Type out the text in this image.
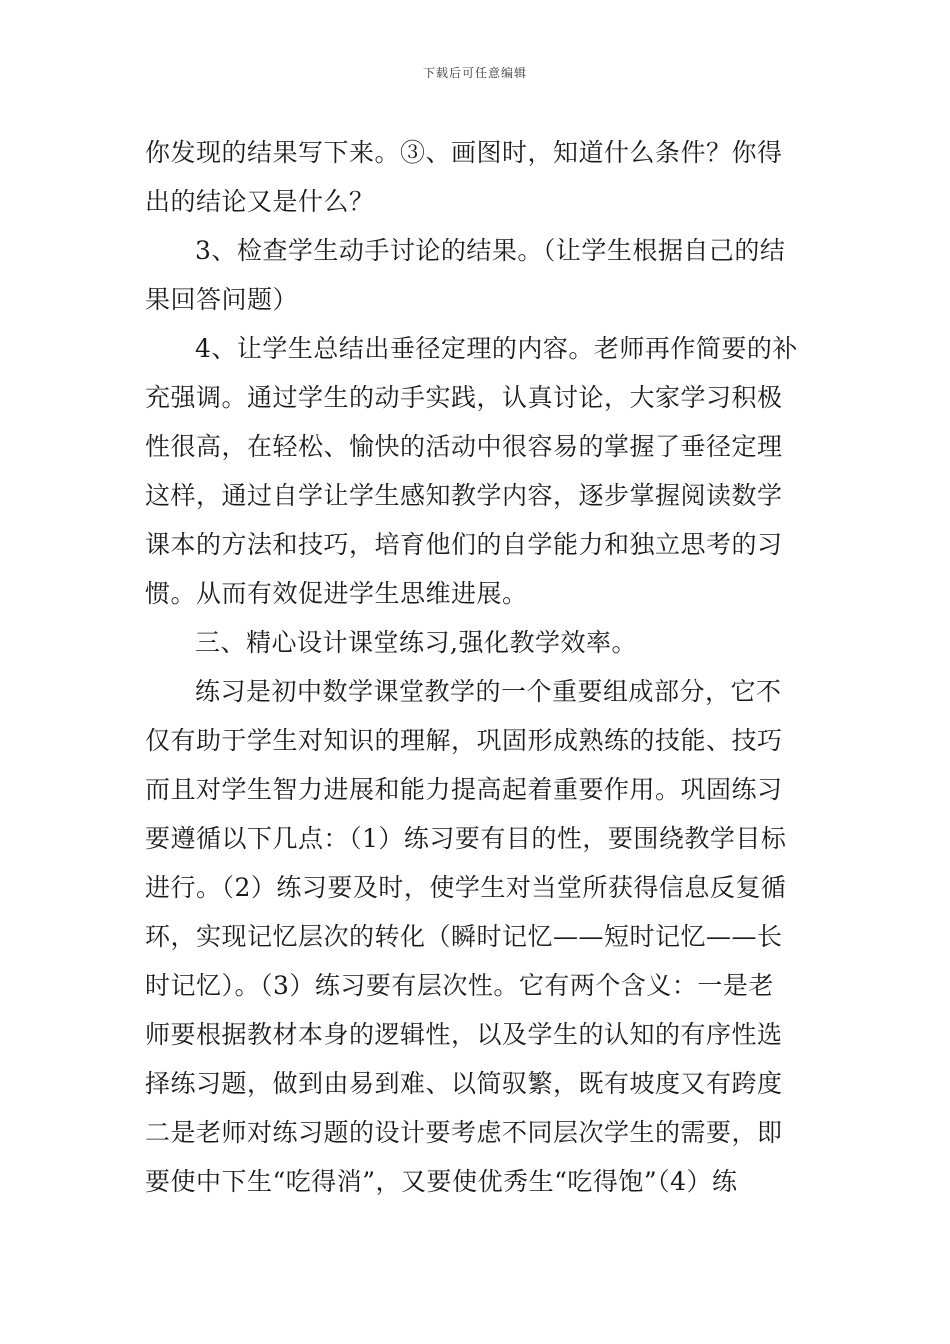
下载后可任意编辑
你发现的结果写下来。③、画图时，知道什么条件？你得
出的结论又是什么？
3、检查学生动手讨论的结果。（让学生根据自己的结
果回答问题）
4、让学生总结出垂径定理的内容。老师再作简要的补
充强调。通过学生的动手实践，认真讨论，大家学习积极
性很高，在轻松、愉快的活动中很容易的掌握了垂径定理
这样，通过自学让学生感知教学内容，逐步掌握阅读数学
课本的方法和技巧，培育他们的自学能力和独立思考的习
惯。从而有效促进学生思维进展。
三、精心设计课堂练习,强化教学效率。
练习是初中数学课堂教学的一个重要组成部分，它不
仅有助于学生对知识的理解，巩固形成熟练的技能、技巧
而且对学生智力进展和能力提高起着重要作用。巩固练习
要遵循以下几点：（1）练习要有目的性，要围绕教学目标
进行。（2）练习要及时，使学生对当堂所获得信息反复循
环，实现记忆层次的转化（瞬时记忆——短时记忆——长
时记忆）。（3）练习要有层次性。它有两个含义：一是老
师要根据教材本身的逻辑性，以及学生的认知的有序性选
择练习题，做到由易到难、以简驭繁，既有坡度又有跨度
二是老师对练习题的设计要考虑不同层次学生的需要，即
要使中下生“吃得消”，又要使优秀生“吃得饱”（4）练
